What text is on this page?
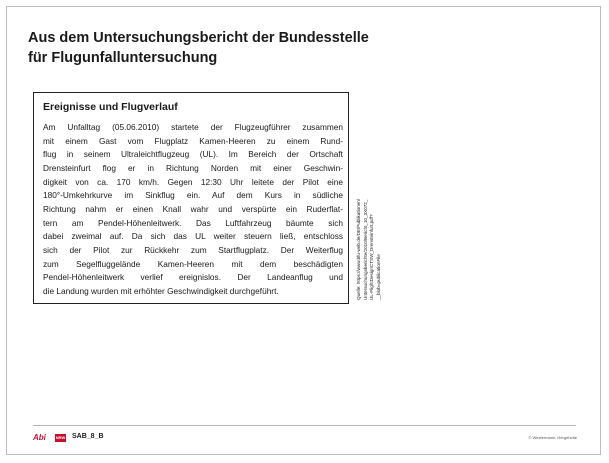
Aus dem Untersuchungsbericht der Bundesstelle
für Flugunfalluntersuchung
Ereignisse und Flugverlauf
Am Unfalltag (05.06.2010) startete der Flugzeugführer zusammen
mit einem Gast vom Flugplatz Kamen-Heeren zu einem Rund-
flug in seinem Ultraleichtflugzeug (UL). Im Bereich der Ortschaft
Drensteinfurt flog er in Richtung Norden mit einer Geschwin-
digkeit von ca. 170 km/h. Gegen 12:30 Uhr leitete der Pilot eine
180°-Umkehrkurve im Sinkflug ein. Auf dem Kurs in südliche
Richtung nahm er einen Knall wahr und verspürte ein Ruderflat-
tern am Pendel-Höhenleitwerk. Das Luftfahrzeug bäumte sich
dabei zweimal auf. Da sich das UL weiter steuern ließ, entschloss
sich der Pilot zur Rückkehr zum Startflugplatz. Der Weiterflug
zum Segelfluggelände Kamen-Heeren mit dem beschädigten
Pendel-Höhenleitwerk verlief ereignislos. Der Landeanflug und
die Landung wurden mit erhöhter Geschwindigkeit durchgeführt.	Quelle: https://www.bfu-web.de/DE/Publikationen/ Untersuchungsberichte/2010/Bericht_10_3X072_ UL-FlightDesignCTSW_Drensteinfurt.pdf? __blob=publicationFile
Abi NRW SAB_8_B	© Westermann, Hergeholte
